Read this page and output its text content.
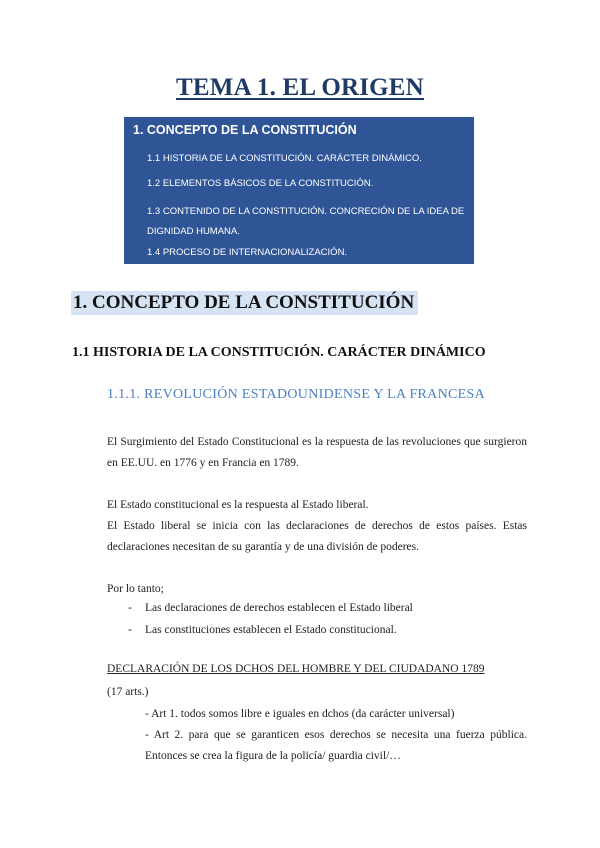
TEMA 1. EL ORIGEN
1. CONCEPTO DE LA CONSTITUCIÓN
1.1 HISTORIA DE LA CONSTITUCIÓN. CARÁCTER DINÁMICO.
1.2 ELEMENTOS BÁSICOS DE LA CONSTITUCIÓN.
1.3 CONTENIDO DE LA CONSTITUCIÓN. CONCRECIÓN DE LA IDEA DE DIGNIDAD HUMANA.
1.4 PROCESO DE INTERNACIONALIZACIÓN.
1. CONCEPTO DE LA CONSTITUCIÓN
1.1 HISTORIA DE LA CONSTITUCIÓN. CARÁCTER DINÁMICO
1.1.1. REVOLUCIÓN ESTADOUNIDENSE Y LA FRANCESA
El Surgimiento del Estado Constitucional es la respuesta de las revoluciones que surgieron en EE.UU. en 1776 y en Francia en 1789.
El Estado constitucional es la respuesta al Estado liberal.
El Estado liberal se inicia con las declaraciones de derechos de estos países. Estas declaraciones necesitan de su garantía y de una división de poderes.
Por lo tanto;
- Las declaraciones de derechos establecen el Estado liberal
- Las constituciones establecen el Estado constitucional.
DECLARACIÓN DE LOS DCHOS DEL HOMBRE Y DEL CIUDADANO 1789
(17 arts.)
- Art 1. todos somos libre e iguales en dchos (da carácter universal)
- Art 2. para que se garanticen esos derechos se necesita una fuerza pública. Entonces se crea la figura de la policía/ guardia civil/…
